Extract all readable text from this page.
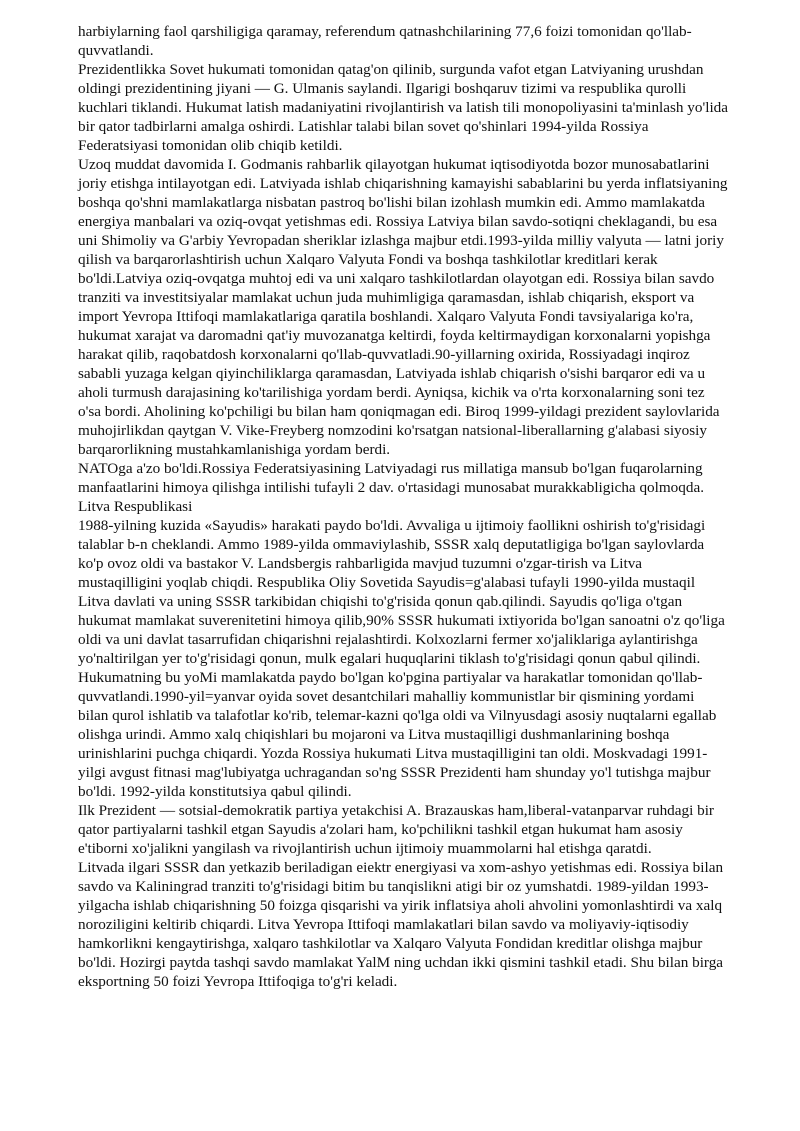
harbiylarning faol qarshiligiga qaramay, referendum qatnashchilarining 77,6 foizi tomonidan qo'llab-quvvatlandi.

Prezidentlikka Sovet hukumati tomonidan qatag'on qilinib, surgunda vafot etgan Latviyaning urushdan oldingi prezidentining jiyani — G. Ulmanis saylandi. Ilgarigi boshqaruv tizimi va respublika qurolli kuchlari tiklandi. Hukumat latish madaniyatini rivojlantirish va latish tili monopoliyasini ta'minlash yo'lida bir qator tadbirlarni amalga oshirdi. Latishlar talabi bilan sovet qo'shinlari 1994-yilda Rossiya Federatsiyasi tomonidan olib chiqib ketildi.

Uzoq muddat davomida I. Godmanis rahbarlik qilayotgan hukumat iqtisodiyotda bozor munosabatlarini joriy etishga intilayotgan edi. Latviyada ishlab chiqarishning kamayishi sabablarini bu yerda inflatsiyaning boshqa qo'shni mamlakatlarga nisbatan pastroq bo'lishi bilan izohlash mumkin edi. Ammo mamlakatda energiya manbalari va oziq-ovqat yetishmas edi. Rossiya Latviya bilan savdo-sotiqni cheklagandi, bu esa uni Shimoliy va G'arbiy Yevropadan sheriklar izlashga majbur etdi.1993-yilda milliy valyuta — latni joriy qilish va barqarorlashtirish uchun Xalqaro Valyuta Fondi va boshqa tashkilotlar kreditlari kerak bo'ldi.Latviya oziq-ovqatga muhtoj edi va uni xalqaro tashkilotlardan olayotgan edi. Rossiya bilan savdo tranziti va investitsiyalar mamlakat uchun juda muhimligiga qaramasdan, ishlab chiqarish, eksport va import Yevropa Ittifoqi mamlakatlariga qaratila boshlandi. Xalqaro Valyuta Fondi tavsiyalariga ko'ra, hukumat xarajat va daromadni qat'iy muvozanatga keltirdi, foyda keltirmaydigan korxonalarni yopishga harakat qilib, raqobatdosh korxonalarni qo'llab-quvvatladi.90-yillarning oxirida, Rossiyadagi inqiroz sababli yuzaga kelgan qiyinchiliklarga qaramasdan, Latviyada ishlab chiqarish o'sishi barqaror edi va u aholi turmush darajasining ko'tarilishiga yordam berdi. Ayniqsa, kichik va o'rta korxonalarning soni tez o'sa bordi. Aholining ko'pchiligi bu bilan ham qoniqmagan edi. Biroq 1999-yildagi prezident saylovlarida muhojirlikdan qaytgan V. Vike-Freyberg nomzodini ko'rsatgan natsional-liberallarning g'alabasi siyosiy barqarorlikning mustahkamlanishiga yordam berdi.

NATOga a'zo bo'ldi.Rossiya Federatsiyasining Latviyadagi rus millatiga mansub bo'lgan fuqarolarning manfaatlarini himoya qilishga intilishi tufayli 2 dav. o'rtasidagi munosabat murakkabligicha qolmoqda.

Litva Respublikasi

1988-yilning kuzida «Sayudis» harakati paydo bo'ldi. Avvaliga u ijtimoiy faollikni oshirish to'g'risidagi talablar b-n cheklandi. Ammo 1989-yilda ommaviylashib, SSSR xalq deputatligiga bo'lgan saylovlarda ko'p ovoz oldi va bastakor V. Landsbergis rahbarligida mavjud tuzumni o'zgar-tirish va Litva mustaqilligini yoqlab chiqdi. Respublika Oliy Sovetida Sayudis=g'alabasi tufayli 1990-yilda mustaqil Litva davlati va uning SSSR tarkibidan chiqishi to'g'risida qonun qab.qilindi. Sayudis qo'liga o'tgan hukumat mamlakat suverenitetini himoya qilib,90% SSSR hukumati ixtiyorida bo'lgan sanoatni o'z qo'liga oldi va uni davlat tasarrufidan chiqarishni rejalashtirdi. Kolxozlarni fermer xo'jaliklariga aylantirishga yo'naltirilgan yer to'g'risidagi qonun, mulk egalari huquqlarini tiklash to'g'risidagi qonun qabul qilindi. Hukumatning bu yoMi mamlakatda paydo bo'lgan ko'pgina partiyalar va harakatlar tomonidan qo'llab-quvvatlandi.1990-yil=yanvar oyida sovet desantchilari mahalliy kommunistlar bir qismining yordami bilan qurol ishlatib va talafotlar ko'rib, telemar-kazni qo'lga oldi va Vilnyusdagi asosiy nuqtalarni egallab olishga urindi. Ammo xalq chiqishlari bu mojaroni va Litva mustaqilligi dushmanlarining boshqa urinishlarini puchga chiqardi. Yozda Rossiya hukumati Litva mustaqilligini tan oldi. Moskvadagi 1991-yilgi avgust fitnasi mag'lubiyatga uchragandan so'ng SSSR Prezidenti ham shunday yo'l tutishga majbur bo'ldi. 1992-yilda konstitutsiya qabul qilindi.

Ilk Prezident — sotsial-demokratik partiya yetakchisi A. Brazauskas ham,liberal-vatanparvar ruhdagi bir qator partiyalarni tashkil etgan Sayudis a'zolari ham, ko'pchilikni tashkil etgan hukumat ham asosiy e'tiborni xo'jalikni yangilash va rivojlantirish uchun ijtimoiy muammolarni hal etishga qaratdi.

Litvada ilgari SSSR dan yetkazib beriladigan eiektr energiyasi va xom-ashyo yetishmas edi. Rossiya bilan savdo va Kaliningrad tranziti to'g'risidagi bitim bu tanqislikni atigi bir oz yumshatdi. 1989-yildan 1993-yilgacha ishlab chiqarishning 50 foizga qisqarishi va yirik inflatsiya aholi ahvolini yomonlashtirdi va xalq noroziligini keltirib chiqardi. Litva Yevropa Ittifoqi mamlakatlari bilan savdo va moliyaviy-iqtisodiy hamkorlikni kengaytirishga, xalqaro tashkilotlar va Xalqaro Valyuta Fondidan kreditlar olishga majbur bo'ldi. Hozirgi paytda tashqi savdo mamlakat YalM ning uchdan ikki qismini tashkil etadi. Shu bilan birga eksportning 50 foizi Yevropa Ittifoqiga to'g'ri keladi.
